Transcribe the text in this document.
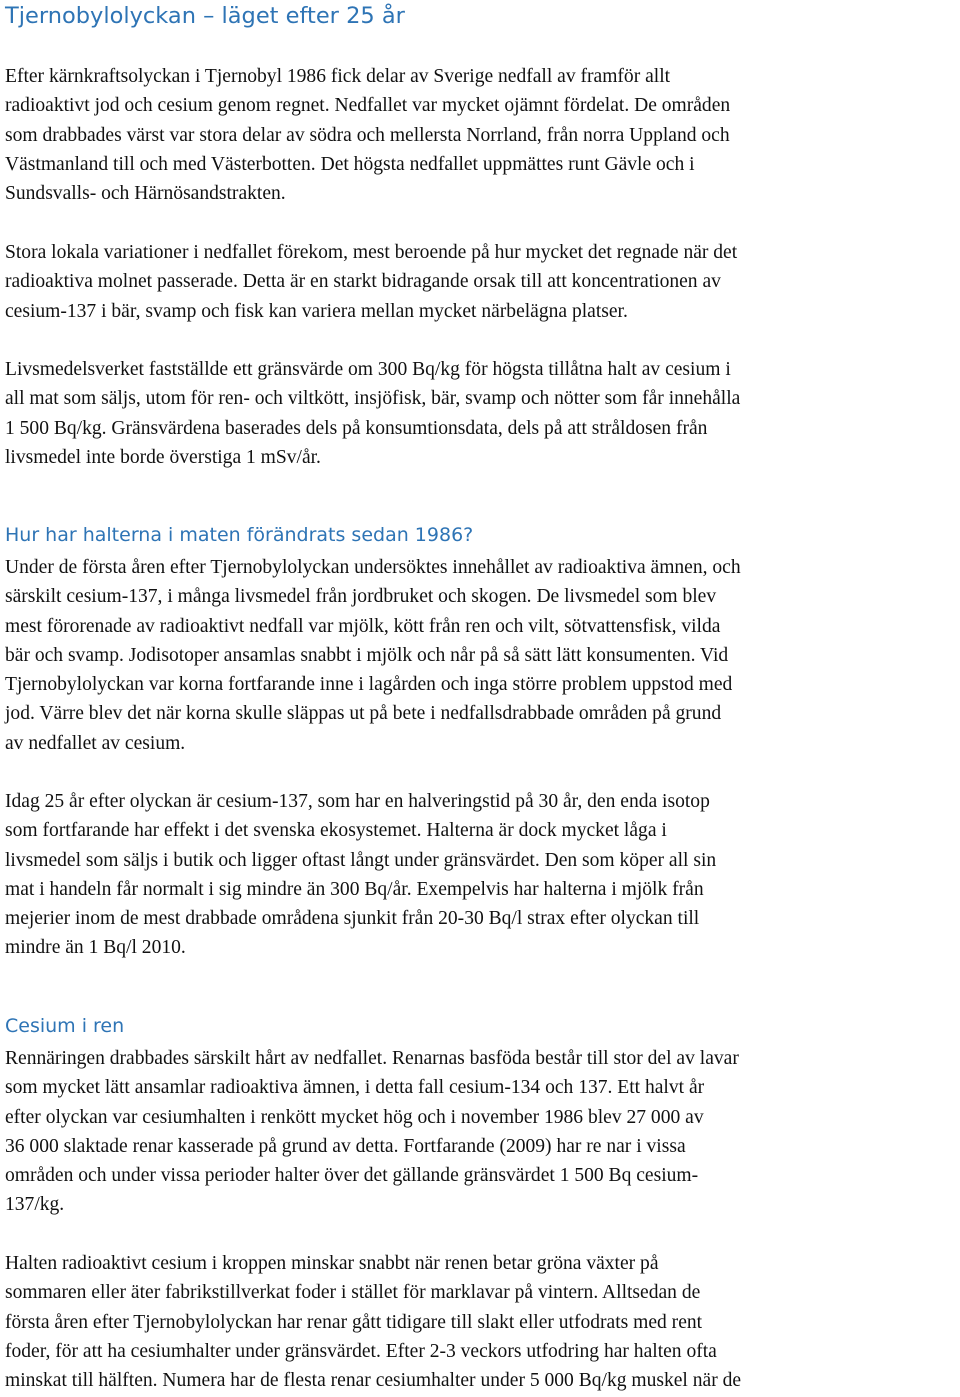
Tjernobylolyckan – läget efter 25 år

Efter kärnkraftsolyckan i Tjernobyl 1986 fick delar av Sverige nedfall av framför allt
radioaktivt jod och cesium genom regnet. Nedfallet var mycket ojämnt fördelat. De områden
som drabbades värst var stora delar av södra och mellersta Norrland, från norra Uppland och
Västmanland till och med Västerbotten. Det högsta nedfallet uppmättes runt Gävle och i
Sundsvalls- och Härnösandstrakten.

Stora lokala variationer i nedfallet förekom, mest beroende på hur mycket det regnade när det
radioaktiva molnet passerade. Detta är en starkt bidragande orsak till att koncentrationen av
cesium-137 i bär, svamp och fisk kan variera mellan mycket närbelägna platser.

Livsmedelsverket fastställde ett gränsvärde om 300 Bq/kg för högsta tillåtna halt av cesium i
all mat som säljs, utom för ren- och viltkött, insjöfisk, bär, svamp och nötter som får innehålla
1 500 Bq/kg. Gränsvärdena baserades dels på konsumtionsdata, dels på att stråldosen från
livsmedel inte borde överstiga 1 mSv/år.

Hur har halterna i maten förändrats sedan 1986?

Under de första åren efter Tjernobylolyckan undersöktes innehållet av radioaktiva ämnen, och
särskilt cesium-137, i många livsmedel från jordbruket och skogen. De livsmedel som blev
mest förorenade av radioaktivt nedfall var mjölk, kött från ren och vilt, sötvattensfisk, vilda
bär och svamp. Jodisotoper ansamlas snabbt i mjölk och når på så sätt lätt konsumenten. Vid
Tjernobylolyckan var korna fortfarande inne i lagården och inga större problem uppstod med
jod. Värre blev det när korna skulle släppas ut på bete i nedfallsdrabbade områden på grund
av nedfallet av cesium.

Idag 25 år efter olyckan är cesium-137, som har en halveringstid på 30 år, den enda isotop
som fortfarande har effekt i det svenska ekosystemet. Halterna är dock mycket låga i
livsmedel som säljs i butik och ligger oftast långt under gränsvärdet. Den som köper all sin
mat i handeln får normalt i sig mindre än 300 Bq/år. Exempelvis har halterna i mjölk från
mejerier inom de mest drabbade områdena sjunkit från 20-30 Bq/l strax efter olyckan till
mindre än 1 Bq/l 2010.

Cesium i ren

Rennäringen drabbades särskilt hårt av nedfallet. Renarnas basföda består till stor del av lavar
som mycket lätt ansamlar radioaktiva ämnen, i detta fall cesium-134 och 137. Ett halvt år
efter olyckan var cesiumhalten i renkött mycket hög och i november 1986 blev 27 000 av
36 000 slaktade renar kasserade på grund av detta. Fortfarande (2009) har re nar i vissa
områden och under vissa perioder halter över det gällande gränsvärdet 1 500 Bq cesium-
137/kg.

Halten radioaktivt cesium i kroppen minskar snabbt när renen betar gröna växter på
sommaren eller äter fabrikstillverkat foder i stället för marklavar på vintern. Alltsedan de
första åren efter Tjernobylolyckan har renar gått tidigare till slakt eller utfodrats med rent
foder, för att ha cesiumhalter under gränsvärdet. Efter 2-3 veckors utfodring har halten ofta
minskat till hälften. Numera har de flesta renar cesiumhalter under 5 000 Bq/kg muskel när de
